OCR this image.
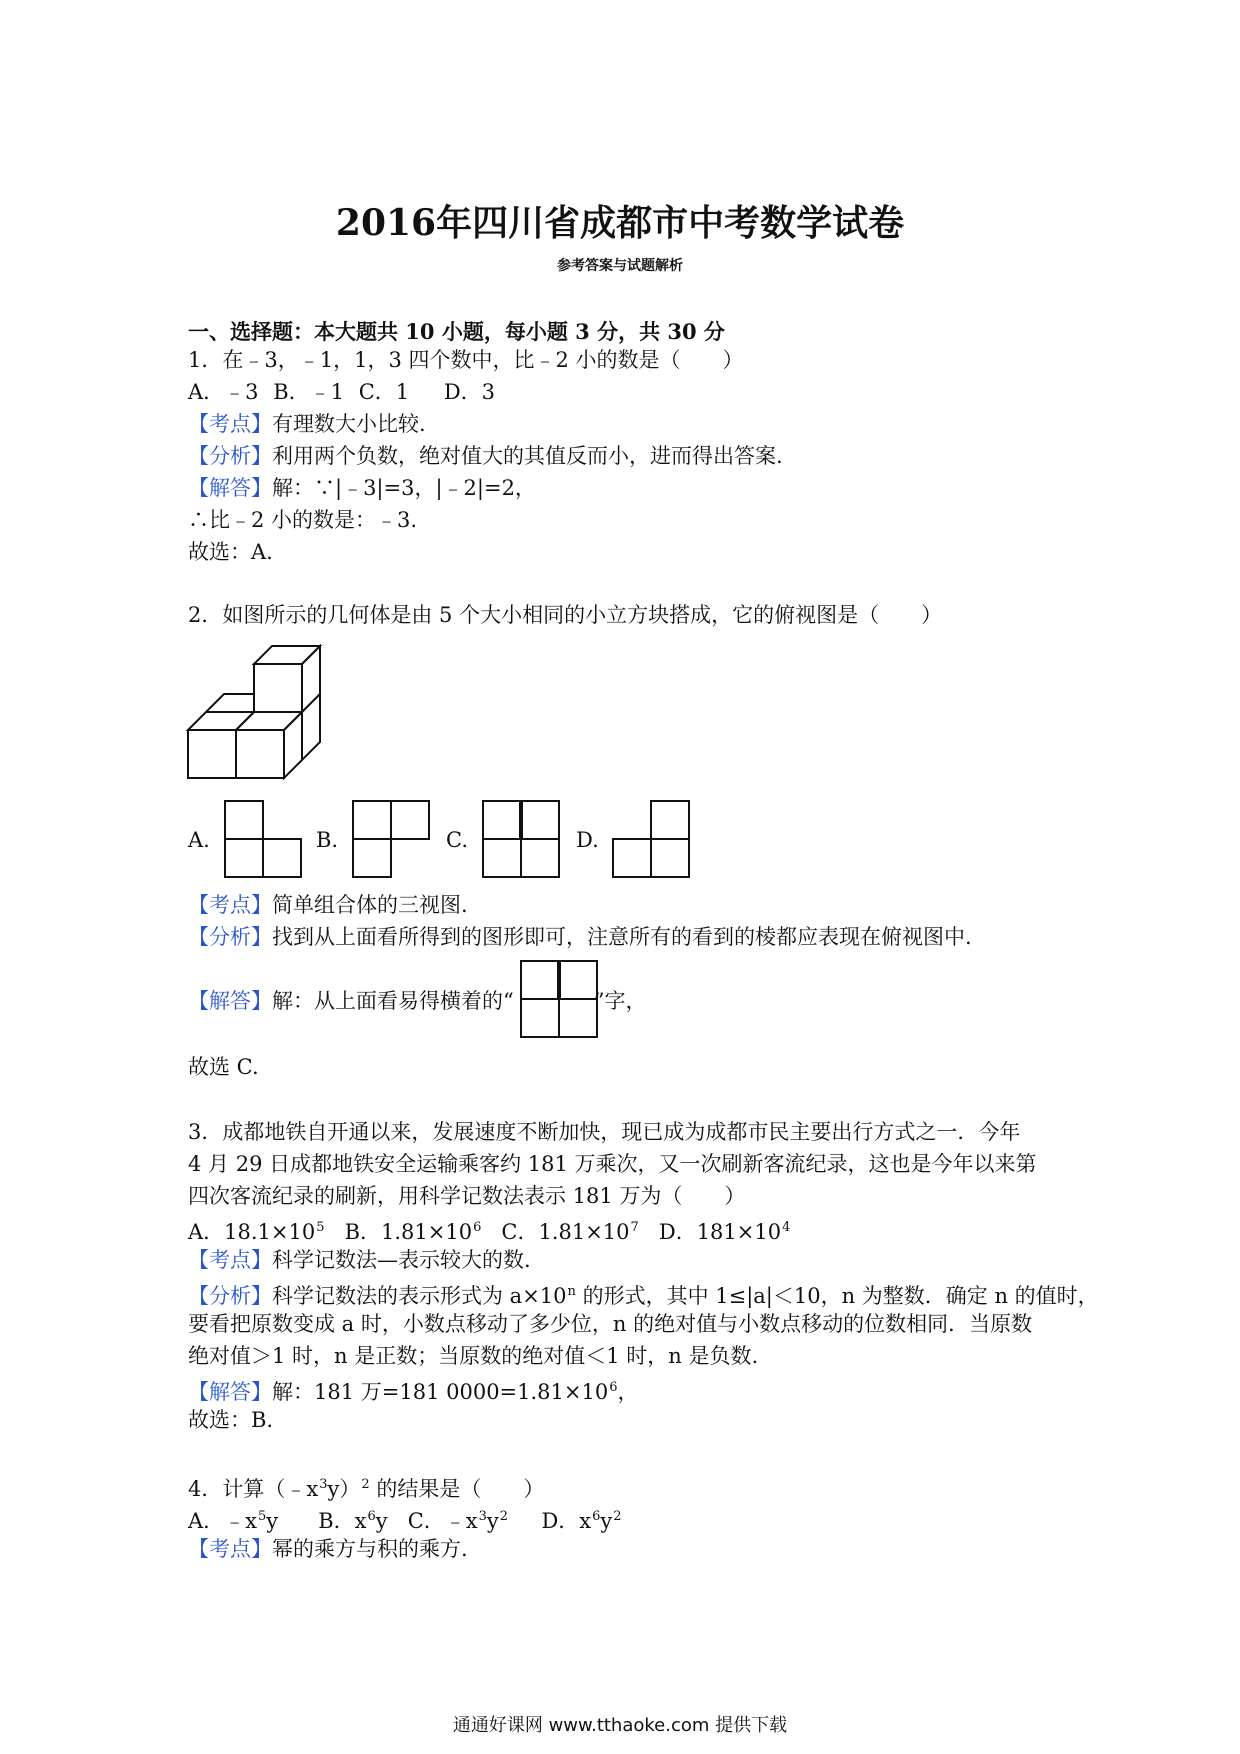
2016年四川省成都市中考数学试卷
参考答案与试题解析
一、选择题：本大题共 10 小题，每小题 3 分，共 30 分
1．在﹣3，﹣1，1，3 四个数中，比﹣2 小的数是（　　）
A．﹣3 B．﹣1 C．1 D．3
【考点】有理数大小比较.
【分析】利用两个负数，绝对值大的其值反而小，进而得出答案.
【解答】解：∵|﹣3|=3，|﹣2|=2，
∴比﹣2 小的数是：﹣3.
故选：A.
2．如图所示的几何体是由 5 个大小相同的小立方块搭成，它的俯视图是（　　）
A.	B.	C.	D.
【考点】简单组合体的三视图.
【分析】找到从上面看所得到的图形即可，注意所有的看到的棱都应表现在俯视图中.
【解答】解：从上面看易得横着的“	”字，
故选 C.
3．成都地铁自开通以来，发展速度不断加快，现已成为成都市民主要出行方式之一．今年
4 月 29 日成都地铁安全运输乘客约 181 万乘次，又一次刷新客流纪录，这也是今年以来第
四次客流纪录的刷新，用科学记数法表示 181 万为（　　）
A．$18.1\times 10^5$ B．$1.81\times 10^6$ C．$1.81\times 10^7$ D．$181\times 10^4$
【考点】科学记数法—表示较大的数.
【分析】科学记数法的表示形式为 $a\times 10^n$ 的形式，其中 1≤|a|＜10，n 为整数．确定 n 的值时，
要看把原数变成 a 时，小数点移动了多少位，n 的绝对值与小数点移动的位数相同．当原数
绝对值＞1 时，n 是正数；当原数的绝对值＜1 时，n 是负数.
【解答】解：181 万=181 $0000=1.81\times 10^6$，
故选：B.
4．计算$(﹣x^3y)^2$ 的结果是（　　）
A．$﹣x^5y$ B．$x^6y$ C．$﹣x^3y^2$ D．$x^6y^2$
【考点】幂的乘方与积的乘方.
通通好课网 www.tthaoke.com 提供下载
